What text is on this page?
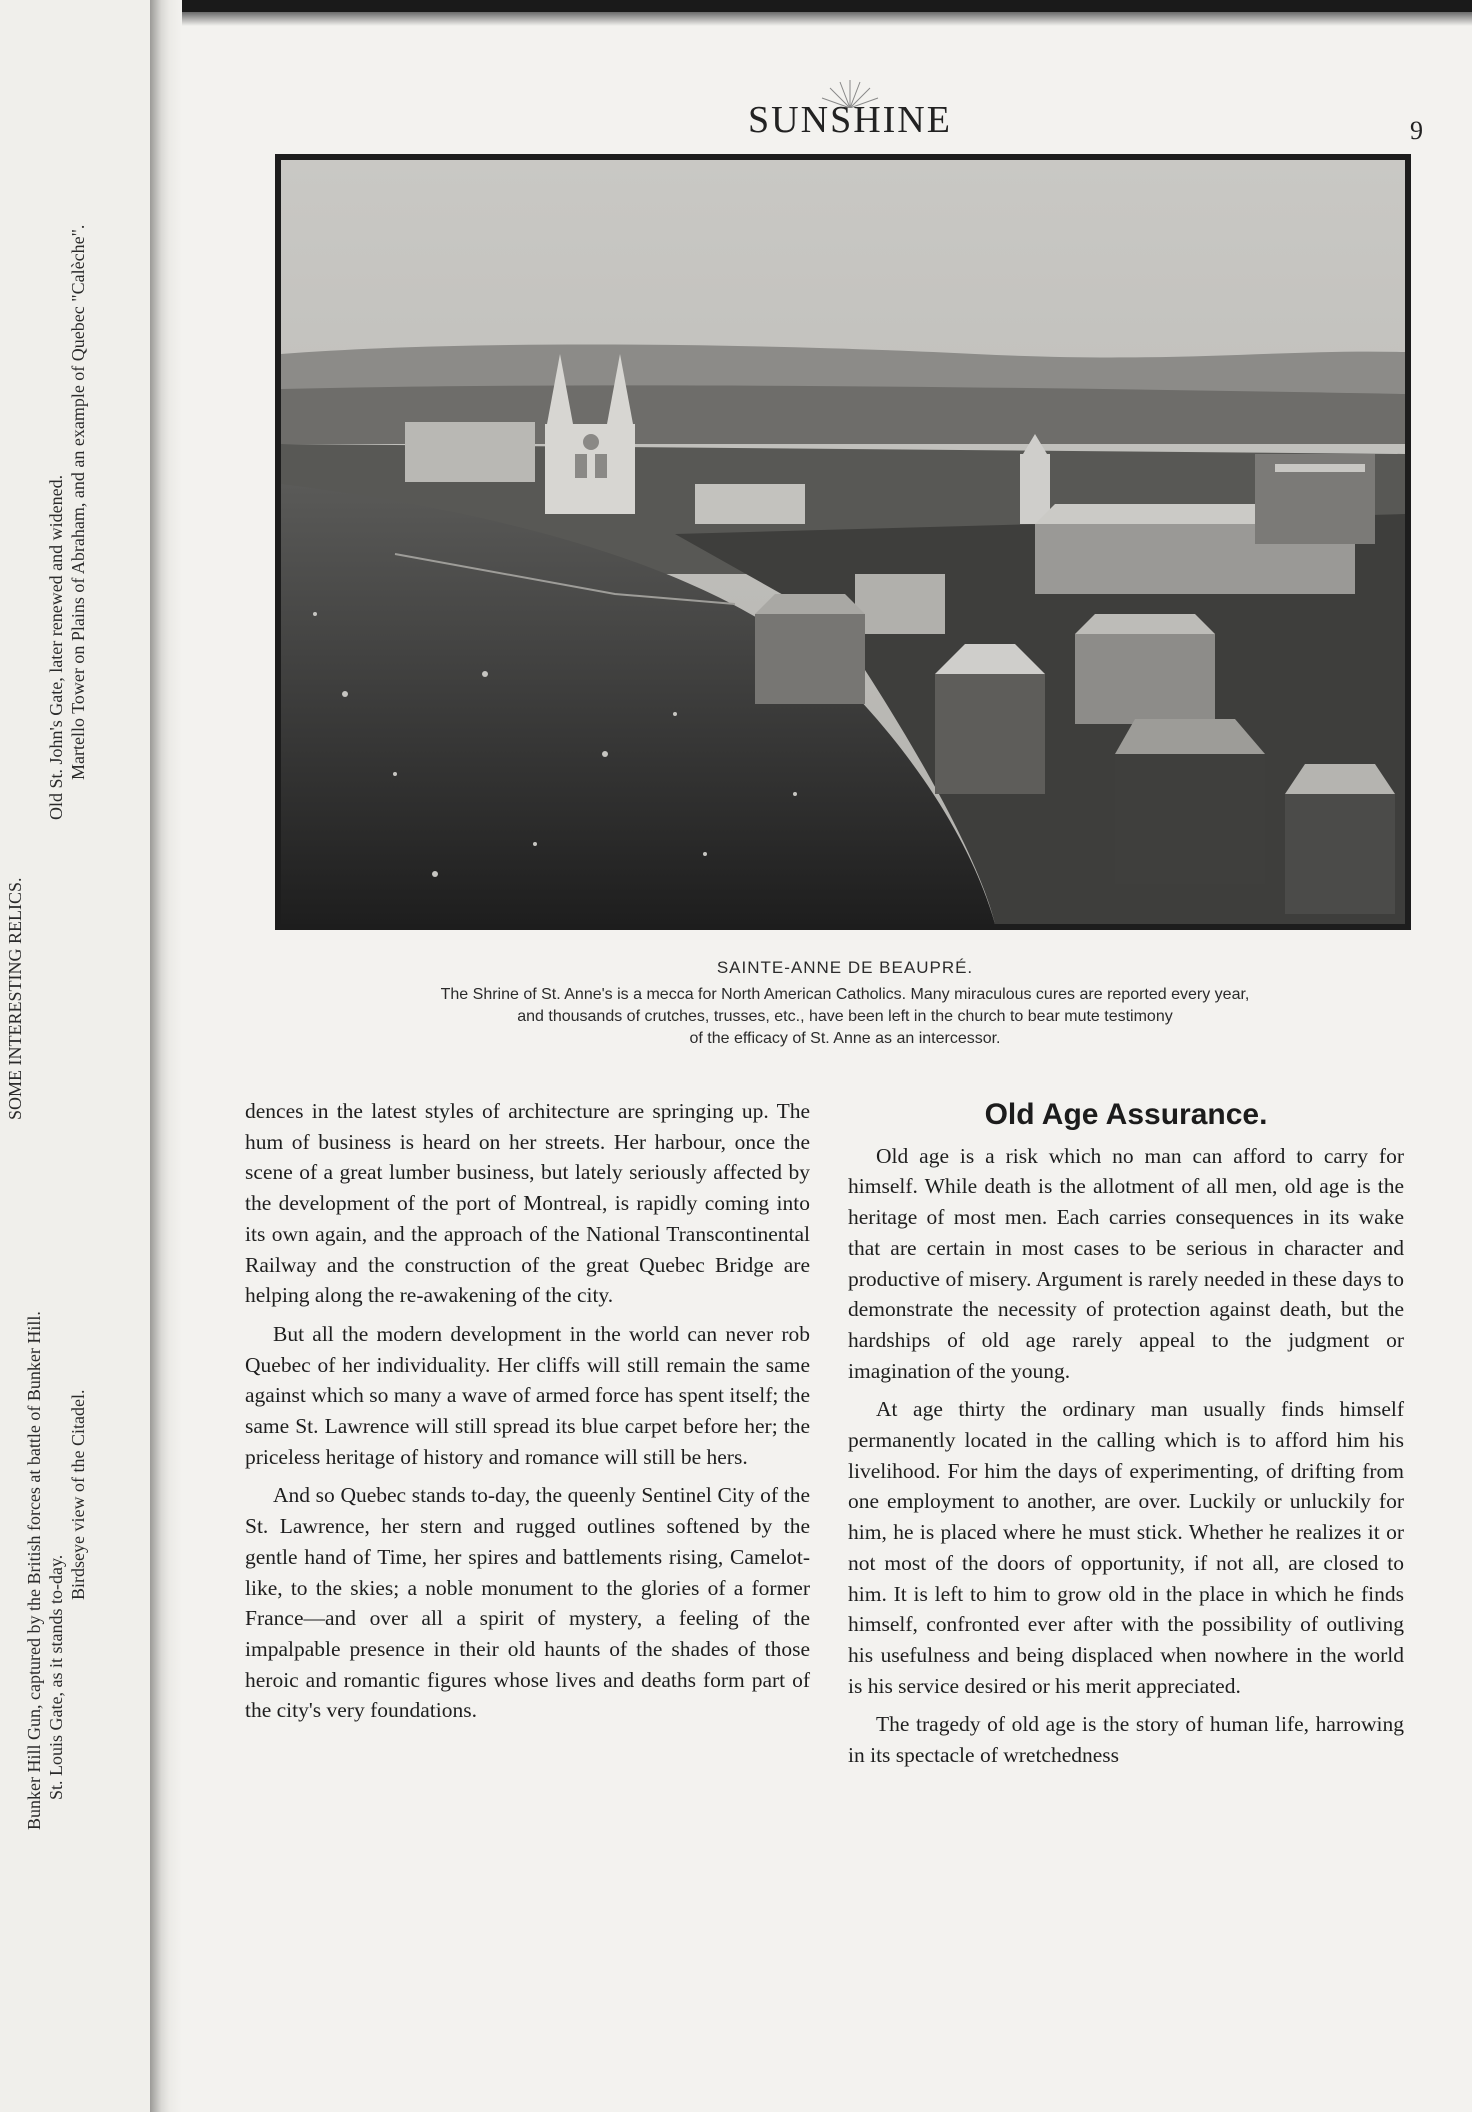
SOME INTERESTING RELICS.
Bunker Hill Gun, captured by the British forces at battle of Bunker Hill. St. Louis Gate, as it stands to-day.
Old St. John's Gate, later renewed and widened.
Birdseye view of the Citadel.
Martello Tower on Plains of Abraham, and an example of Quebec "Calèche".
SUNSHINE	9
SAINTE-ANNE DE BEAUPRÉ.
The Shrine of St. Anne's is a mecca for North American Catholics. Many miraculous cures are reported every year,
and thousands of crutches, trusses, etc., have been left in the church to bear mute testimony
of the efficacy of St. Anne as an intercessor.

dences in the latest styles of architecture are springing up. The hum of business is heard on her streets. Her harbour, once the scene of a great lumber business, but lately seriously affected by the development of the port of Montreal, is rapidly coming into its own again, and the approach of the National Transcontinental Railway and the construction of the great Quebec Bridge are helping along the re-awakening of the city.

But all the modern development in the world can never rob Quebec of her individuality. Her cliffs will still remain the same against which so many a wave of armed force has spent itself; the same St. Lawrence will still spread its blue carpet before her; the priceless heritage of history and romance will still be hers.

And so Quebec stands to-day, the queenly Sentinel City of the St. Lawrence, her stern and rugged outlines softened by the gentle hand of Time, her spires and battlements rising, Camelot-like, to the skies; a noble monument to the glories of a former France—and over all a spirit of mystery, a feeling of the impalpable presence in their old haunts of the shades of those heroic and romantic figures whose lives and deaths form part of the city's very foundations.

Old Age Assurance.

Old age is a risk which no man can afford to carry for himself. While death is the allotment of all men, old age is the heritage of most men. Each carries consequences in its wake that are certain in most cases to be serious in character and productive of misery. Argument is rarely needed in these days to demonstrate the necessity of protection against death, but the hardships of old age rarely appeal to the judgment or imagination of the young.

At age thirty the ordinary man usually finds himself permanently located in the calling which is to afford him his livelihood. For him the days of experimenting, of drifting from one employment to another, are over. Luckily or unluckily for him, he is placed where he must stick. Whether he realizes it or not most of the doors of opportunity, if not all, are closed to him. It is left to him to grow old in the place in which he finds himself, confronted ever after with the possibility of outliving his usefulness and being displaced when nowhere in the world is his service desired or his merit appreciated.

The tragedy of old age is the story of human life, harrowing in its spectacle of wretchedness
